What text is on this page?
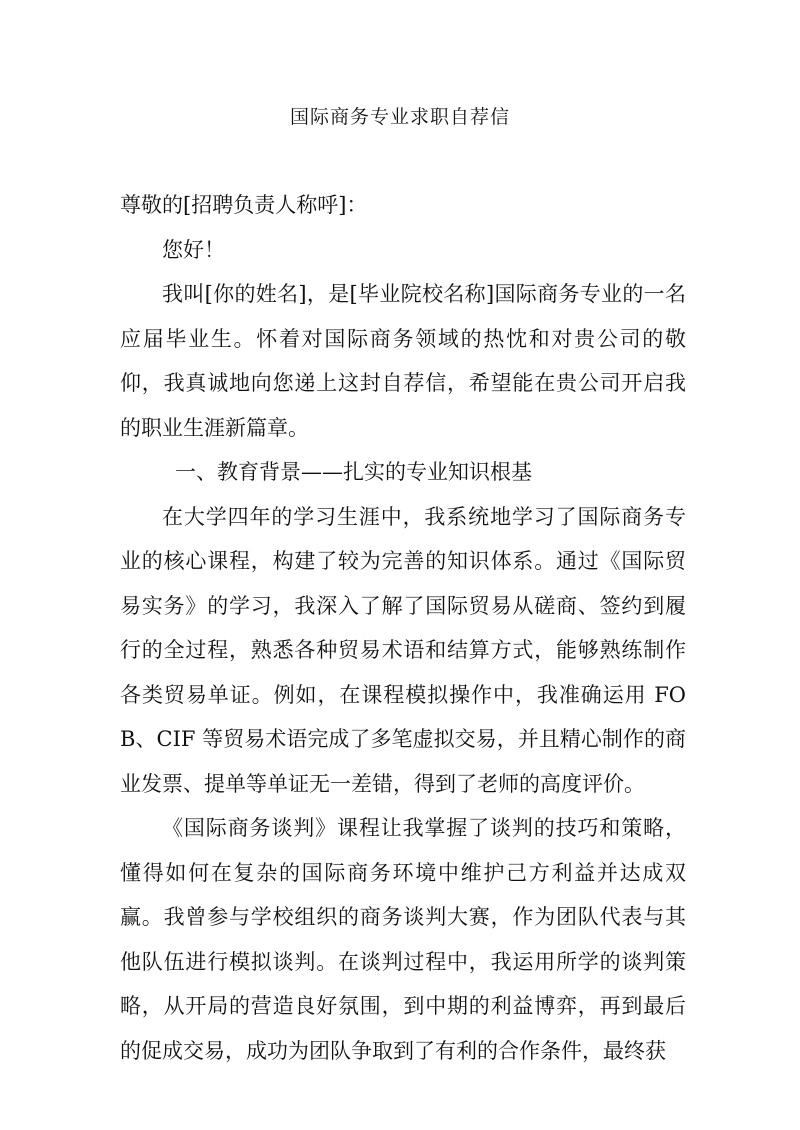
国际商务专业求职自荐信

尊敬的[招聘负责人称呼]：

您好！

我叫[你的姓名]，是[毕业院校名称]国际商务专业的一名应届毕业生。怀着对国际商务领域的热忱和对贵公司的敬仰，我真诚地向您递上这封自荐信，希望能在贵公司开启我的职业生涯新篇章。

一、教育背景——扎实的专业知识根基

在大学四年的学习生涯中，我系统地学习了国际商务专业的核心课程，构建了较为完善的知识体系。通过《国际贸易实务》的学习，我深入了解了国际贸易从磋商、签约到履行的全过程，熟悉各种贸易术语和结算方式，能够熟练制作各类贸易单证。例如，在课程模拟操作中，我准确运用 FOB、CIF 等贸易术语完成了多笔虚拟交易，并且精心制作的商业发票、提单等单证无一差错，得到了老师的高度评价。

《国际商务谈判》课程让我掌握了谈判的技巧和策略，懂得如何在复杂的国际商务环境中维护己方利益并达成双赢。我曾参与学校组织的商务谈判大赛，作为团队代表与其他队伍进行模拟谈判。在谈判过程中，我运用所学的谈判策略，从开局的营造良好氛围，到中期的利益博弈，再到最后的促成交易，成功为团队争取到了有利的合作条件，最终获
